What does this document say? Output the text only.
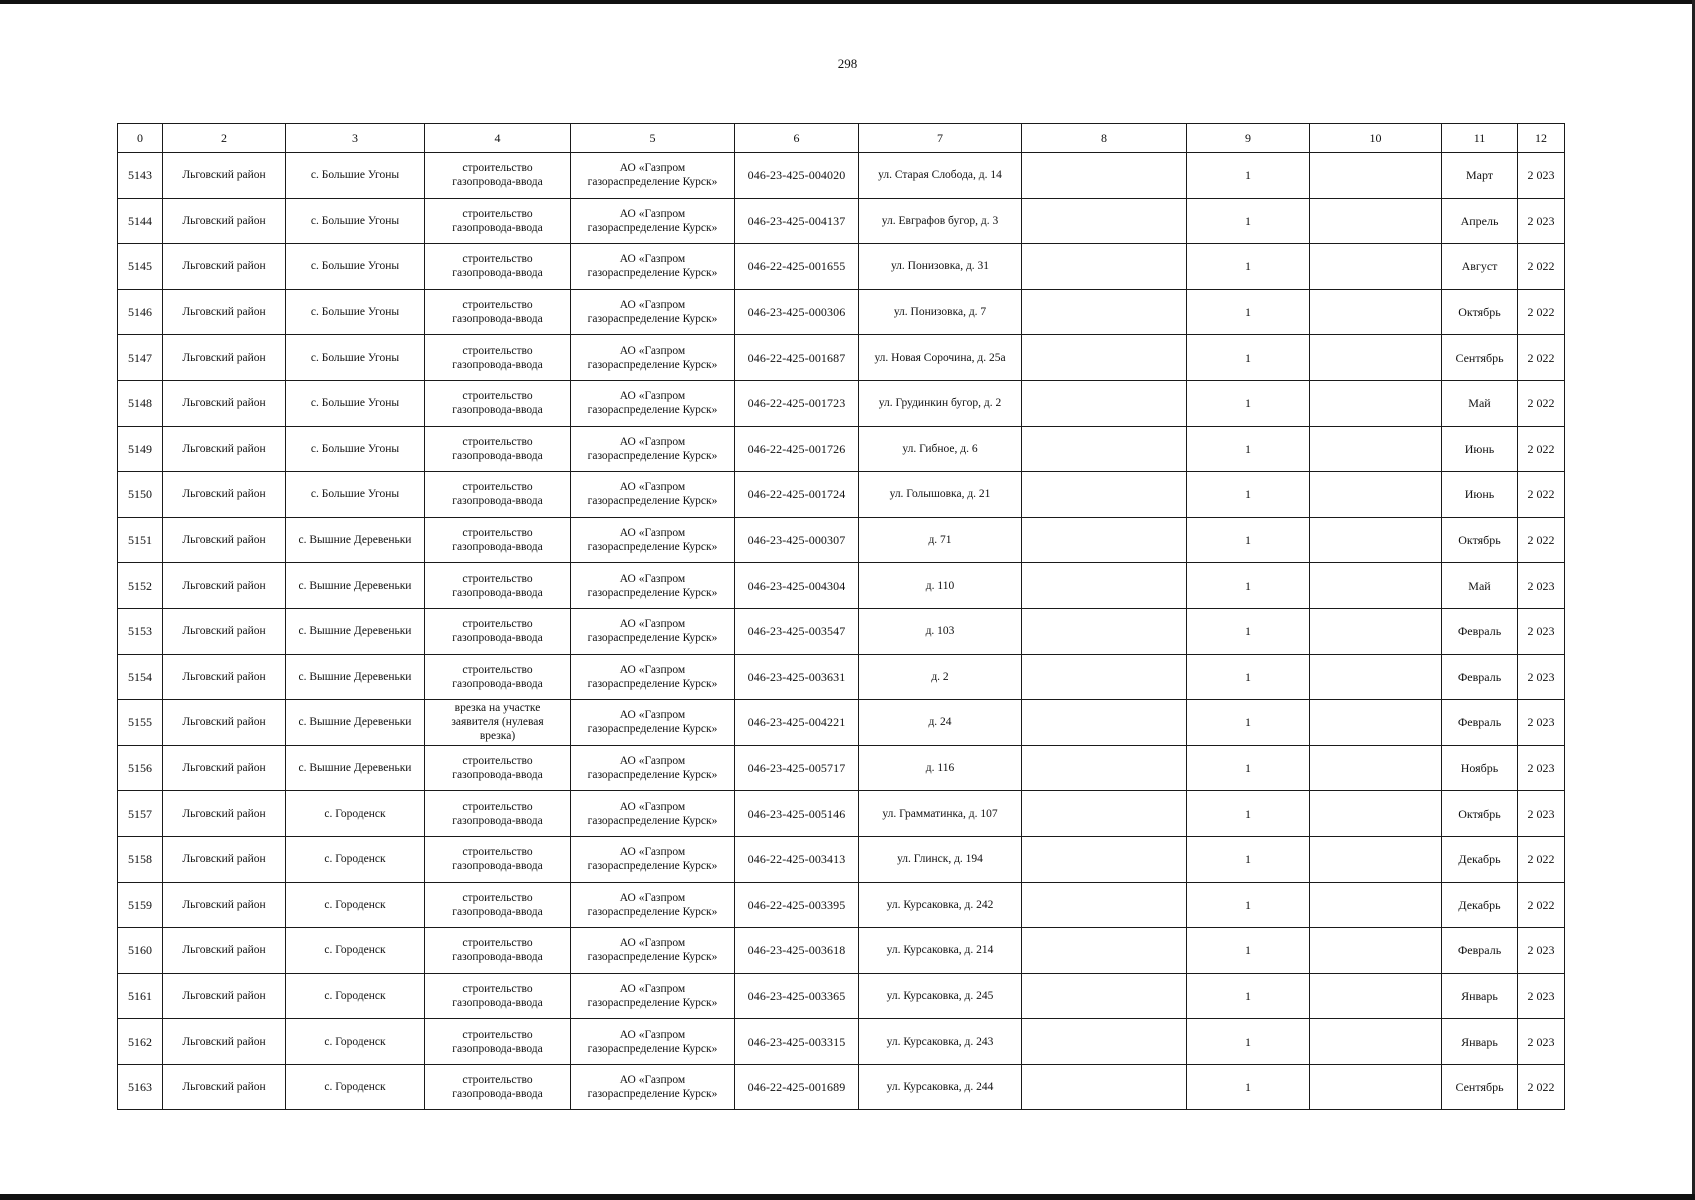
298
0	2	3	4	5	6	7	8	9	10	11	12
5143	Льговский район	с. Большие Угоны	строительство
газопровода-ввода	АО «Газпром
газораспределение Курск»	046-23-425-004020	ул. Старая Слобода, д. 14		1		Март	2 023
5144	Льговский район	с. Большие Угоны	строительство
газопровода-ввода	АО «Газпром
газораспределение Курск»	046-23-425-004137	ул. Евграфов бугор, д. 3		1		Апрель	2 023
5145	Льговский район	с. Большие Угоны	строительство
газопровода-ввода	АО «Газпром
газораспределение Курск»	046-22-425-001655	ул. Понизовка, д. 31		1		Август	2 022
5146	Льговский район	с. Большие Угоны	строительство
газопровода-ввода	АО «Газпром
газораспределение Курск»	046-23-425-000306	ул. Понизовка, д. 7		1		Октябрь	2 022
5147	Льговский район	с. Большие Угоны	строительство
газопровода-ввода	АО «Газпром
газораспределение Курск»	046-22-425-001687	ул. Новая Сорочина, д. 25а		1		Сентябрь	2 022
5148	Льговский район	с. Большие Угоны	строительство
газопровода-ввода	АО «Газпром
газораспределение Курск»	046-22-425-001723	ул. Грудинкин бугор, д. 2		1		Май	2 022
5149	Льговский район	с. Большие Угоны	строительство
газопровода-ввода	АО «Газпром
газораспределение Курск»	046-22-425-001726	ул. Гибное, д. 6		1		Июнь	2 022
5150	Льговский район	с. Большие Угоны	строительство
газопровода-ввода	АО «Газпром
газораспределение Курск»	046-22-425-001724	ул. Голышовка, д. 21		1		Июнь	2 022
5151	Льговский район	с. Вышние Деревеньки	строительство
газопровода-ввода	АО «Газпром
газораспределение Курск»	046-23-425-000307	д. 71		1		Октябрь	2 022
5152	Льговский район	с. Вышние Деревеньки	строительство
газопровода-ввода	АО «Газпром
газораспределение Курск»	046-23-425-004304	д. 110		1		Май	2 023
5153	Льговский район	с. Вышние Деревеньки	строительство
газопровода-ввода	АО «Газпром
газораспределение Курск»	046-23-425-003547	д. 103		1		Февраль	2 023
5154	Льговский район	с. Вышние Деревеньки	строительство
газопровода-ввода	АО «Газпром
газораспределение Курск»	046-23-425-003631	д. 2		1		Февраль	2 023
5155	Льговский район	с. Вышние Деревеньки	врезка на участке
заявителя (нулевая
врезка)	АО «Газпром
газораспределение Курск»	046-23-425-004221	д. 24		1		Февраль	2 023
5156	Льговский район	с. Вышние Деревеньки	строительство
газопровода-ввода	АО «Газпром
газораспределение Курск»	046-23-425-005717	д. 116		1		Ноябрь	2 023
5157	Льговский район	с. Городенск	строительство
газопровода-ввода	АО «Газпром
газораспределение Курск»	046-23-425-005146	ул. Грамматинка, д. 107		1		Октябрь	2 023
5158	Льговский район	с. Городенск	строительство
газопровода-ввода	АО «Газпром
газораспределение Курск»	046-22-425-003413	ул. Глинск, д. 194		1		Декабрь	2 022
5159	Льговский район	с. Городенск	строительство
газопровода-ввода	АО «Газпром
газораспределение Курск»	046-22-425-003395	ул. Курсаковка, д. 242		1		Декабрь	2 022
5160	Льговский район	с. Городенск	строительство
газопровода-ввода	АО «Газпром
газораспределение Курск»	046-23-425-003618	ул. Курсаковка, д. 214		1		Февраль	2 023
5161	Льговский район	с. Городенск	строительство
газопровода-ввода	АО «Газпром
газораспределение Курск»	046-23-425-003365	ул. Курсаковка, д. 245		1		Январь	2 023
5162	Льговский район	с. Городенск	строительство
газопровода-ввода	АО «Газпром
газораспределение Курск»	046-23-425-003315	ул. Курсаковка, д. 243		1		Январь	2 023
5163	Льговский район	с. Городенск	строительство
газопровода-ввода	АО «Газпром
газораспределение Курск»	046-22-425-001689	ул. Курсаковка, д. 244		1		Сентябрь	2 022
